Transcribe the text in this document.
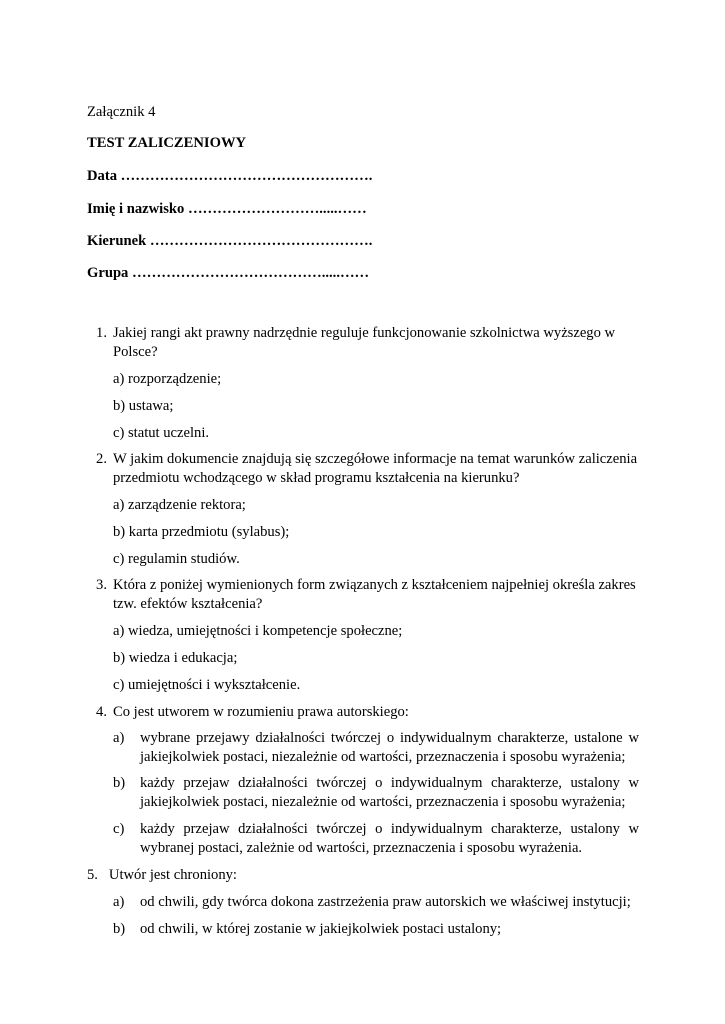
Załącznik 4
TEST ZALICZENIOWY
Data …………………………………………….
Imię i nazwisko ……………………….....……
Kierunek ……………………………………….
Grupa ………………………………….....……
1. Jakiej rangi akt prawny nadrzędnie reguluje funkcjonowanie szkolnictwa wyższego w Polsce?
a) rozporządzenie;
b) ustawa;
c) statut uczelni.
2. W jakim dokumencie znajdują się szczegółowe informacje na temat warunków zaliczenia przedmiotu wchodzącego w skład programu kształcenia na kierunku?
a) zarządzenie rektora;
b) karta przedmiotu (sylabus);
c) regulamin studiów.
3. Która z poniżej wymienionych form związanych z kształceniem najpełniej określa zakres tzw. efektów kształcenia?
a) wiedza, umiejętności i kompetencje społeczne;
b) wiedza i edukacja;
c) umiejętności i wykształcenie.
4. Co jest utworem w rozumieniu prawa autorskiego:
a) wybrane przejawy działalności twórczej o indywidualnym charakterze, ustalone w
jakiejkolwiek postaci, niezależnie od wartości, przeznaczenia i sposobu wyrażenia;
b) każdy przejaw działalności twórczej o indywidualnym charakterze, ustalony w
jakiejkolwiek postaci, niezależnie od wartości, przeznaczenia i sposobu wyrażenia;
c) każdy przejaw działalności twórczej o indywidualnym charakterze, ustalony w
wybranej postaci, zależnie od wartości, przeznaczenia i sposobu wyrażenia.
5. Utwór jest chroniony:
a) od chwili, gdy twórca dokona zastrzeżenia praw autorskich we właściwej instytucji;
b) od chwili, w której zostanie w jakiejkolwiek postaci ustalony;
